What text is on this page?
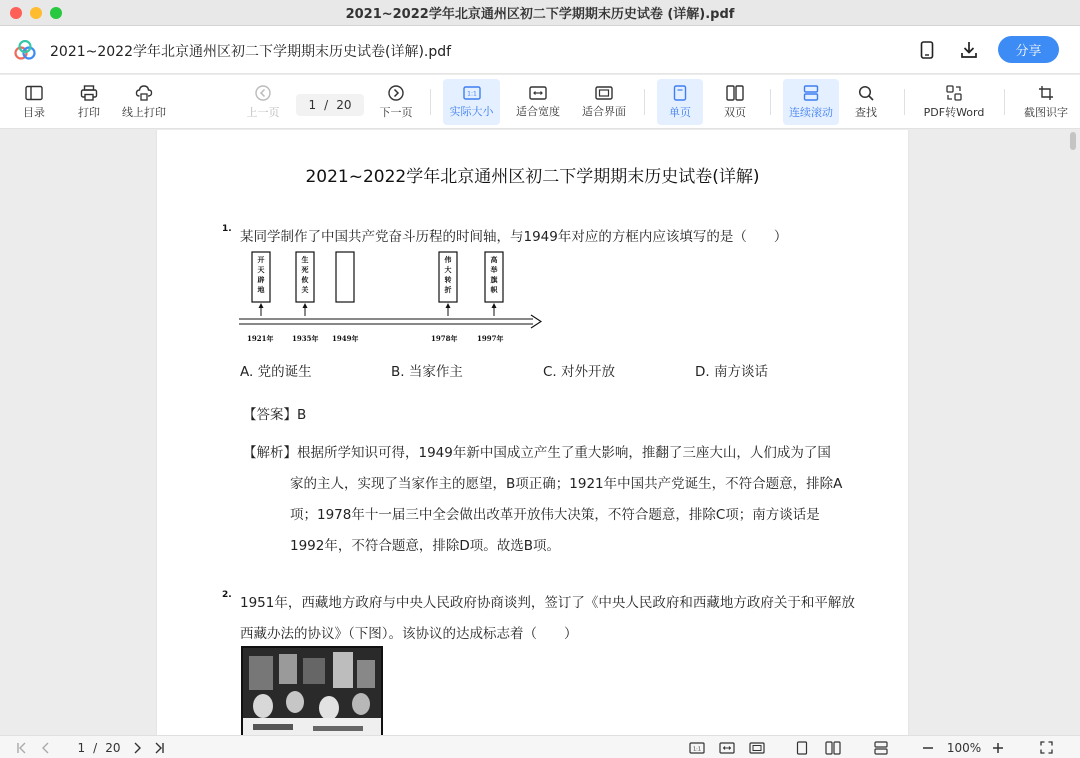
2021~2022学年北京通州区初二下学期期末历史试卷 (详解).pdf
2021~2022学年北京通州区初二下学期期末历史试卷(详解).pdf	分享
目录	打印 线上打印	上一页 1 / 20	下一页
1:1
实际大小 适合宽度 适合界面	单页	双页	连续滚动 查找	PDF转Word	截图识字
2021~2022学年北京通州区初二下学期期末历史试卷(详解)
1. 某同学制作了中国共产党奋斗历程的时间轴，与1949年对应的方框内应该填写的是（　　）
开
天
辟
地
生
死
攸
关
伟
大
转
折
高
举
旗
帜
1921年	1935年 1949年	1978年	1997年
A. 党的诞生	B. 当家作主	C. 对外开放	D. 南方谈话
【答案】B
【解析】根据所学知识可得，1949年新中国成立产生了重大影响，推翻了三座大山，人们成为了国
家的主人，实现了当家作主的愿望，B项正确；1921年中国共产党诞生，不符合题意，排除A
项；1978年十一届三中全会做出改革开放伟大决策，不符合题意，排除C项；南方谈话是
1992年，不符合题意，排除D项。故选B项。
2. 1951年，西藏地方政府与中央人民政府协商谈判，签订了《中央人民政府和西藏地方政府关于和平解放
西藏办法的协议》（下图）。该协议的达成标志着（　　）
1 / 20	1:1	100%
